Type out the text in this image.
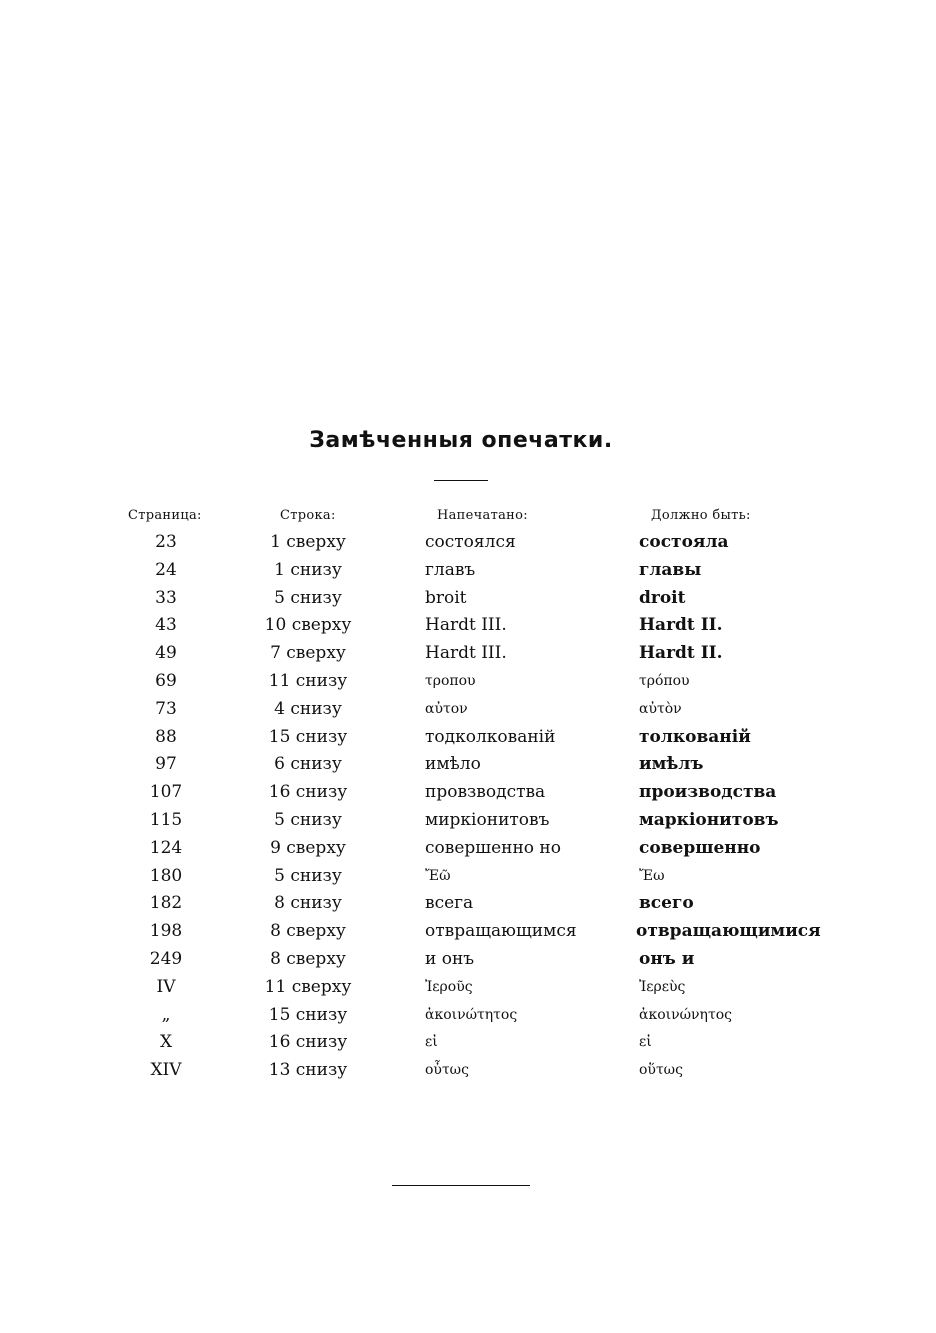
Замѣченныя опечатки.
Страница:	Строка:	Напечатано:	Должно быть:
23	1 сверху	состоялся	состояла
24	1 снизу	главъ	главы
33	5 снизу	broit	droit
43	10 сверху	Hardt III.	Hardt II.
49	7 сверху	Hardt III.	Hardt II.
69	11 снизу	τροπου	τρόπου
73	4 снизу	αὐτον	αὐτὸν
88	15 снизу	тодколкованій	толкованій
97	6 снизу	имѣло	имѣлъ
107	16 снизу	провзводства	производства
115	5 снизу	миркіонитовъ	маркіонитовъ
124	9 сверху	совершенно но	совершенно
180	5 снизу	Ἔῶ	Ἔω
182	8 снизу	всега	всего
198	8 сверху	отвращающимся	отвращающимися
249	8 сверху	и онъ	онъ и
IV	11 сверху	Ἰεροῦς	Ἰερεὺς
„	15 снизу	ἀκοινώτητος	ἀκοινώνητος
X	16 снизу	εἰ	εἰ
XIV	13 снизу	οὖτως	οὕτως
